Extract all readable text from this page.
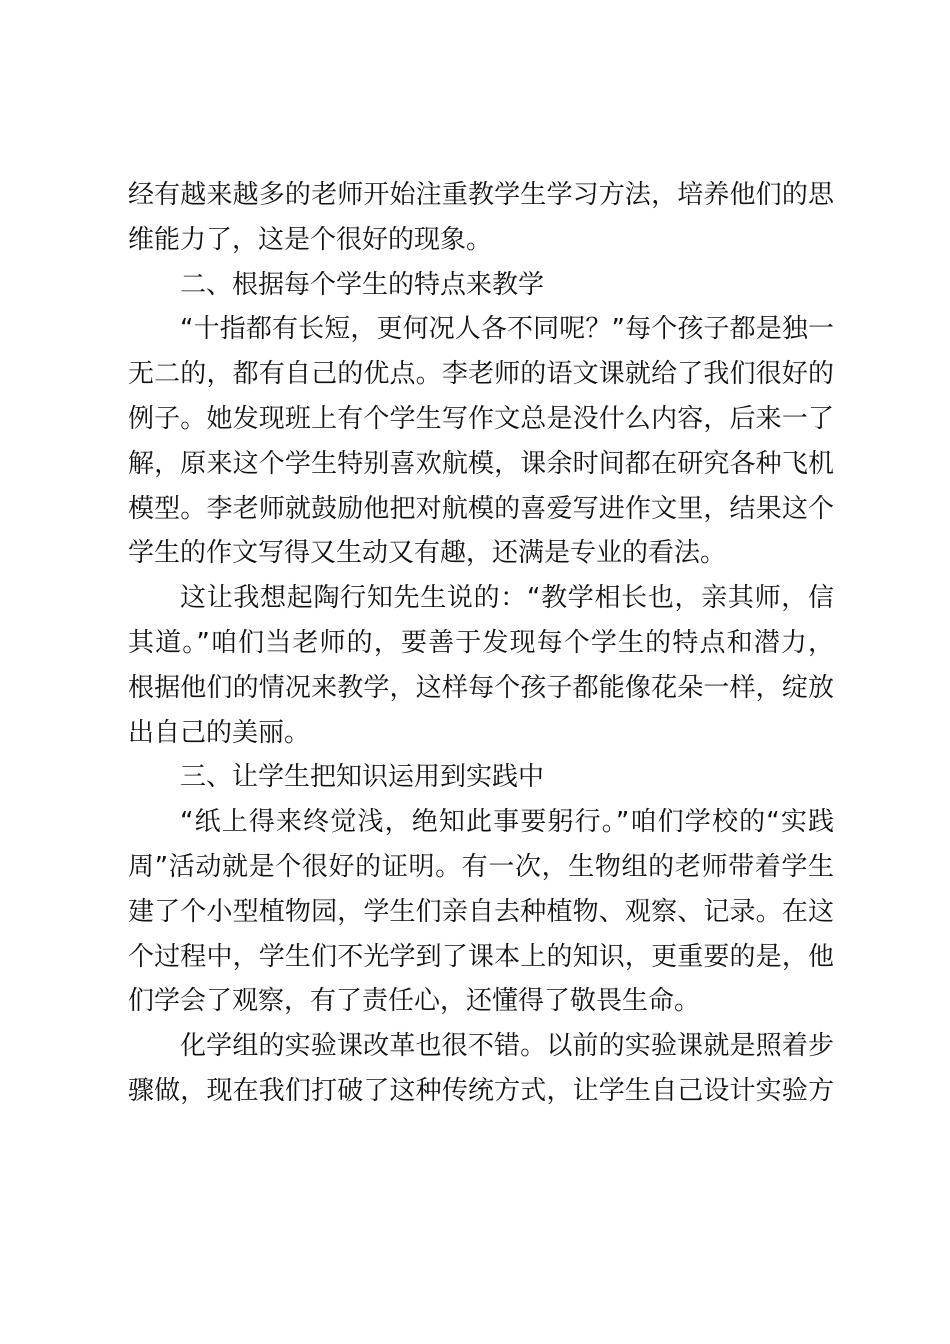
经有越来越多的老师开始注重教学生学习方法，培养他们的思
维能力了，这是个很好的现象。
二、根据每个学生的特点来教学
“十指都有长短，更何况人各不同呢？”每个孩子都是独一
无二的，都有自己的优点。李老师的语文课就给了我们很好的
例子。她发现班上有个学生写作文总是没什么内容，后来一了
解，原来这个学生特别喜欢航模，课余时间都在研究各种飞机
模型。李老师就鼓励他把对航模的喜爱写进作文里，结果这个
学生的作文写得又生动又有趣，还满是专业的看法。
这让我想起陶行知先生说的：“教学相长也，亲其师，信
其道。”咱们当老师的，要善于发现每个学生的特点和潜力，
根据他们的情况来教学，这样每个孩子都能像花朵一样，绽放
出自己的美丽。
三、让学生把知识运用到实践中
“纸上得来终觉浅，绝知此事要躬行。”咱们学校的“实践
周”活动就是个很好的证明。有一次，生物组的老师带着学生
建了个小型植物园，学生们亲自去种植物、观察、记录。在这
个过程中，学生们不光学到了课本上的知识，更重要的是，他
们学会了观察，有了责任心，还懂得了敬畏生命。
化学组的实验课改革也很不错。以前的实验课就是照着步
骤做，现在我们打破了这种传统方式，让学生自己设计实验方
